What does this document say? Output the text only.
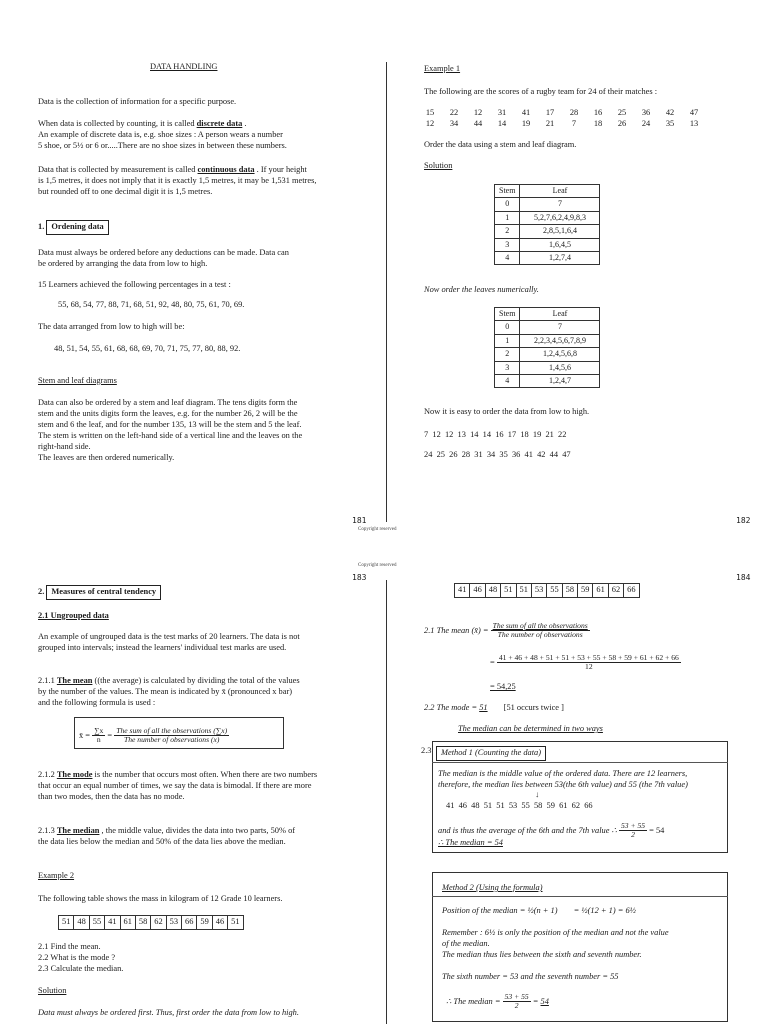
DATA HANDLING
Data is the collection of information for a specific purpose.
When data is collected by counting, it is called discrete data .
An example of discrete data is, e.g. shoe sizes : A person wears a number
5 shoe, or 5½ or 6 or.....There are no shoe sizes in between these numbers.
Data that is collected by measurement is called continuous data . If your height
is 1,5 metres, it does not imply that it is exactly 1,5 metres, it may be 1,531 metres,
but rounded off to one decimal digit it is 1,5 metres.
1. Ordening data
Data must always be ordered before any deductions can be made. Data can
be ordered by arranging the data from low to high.
15 Learners achieved the following percentages in a test :
55, 68, 54, 77, 88, 71, 68, 51, 92, 48, 80, 75, 61, 70, 69.
The data arranged from low to high will be:
48, 51, 54, 55, 61, 68, 68, 69, 70, 71, 75, 77, 80, 88, 92.
Stem and leaf diagrams
Data can also be ordered by a stem and leaf diagram. The tens digits form the
stem and the units digits form the leaves, e.g. for the number 26, 2 will be the
stem and 6 the leaf, and for the number 135, 13 will be the stem and 5 the leaf.
The stem is written on the left-hand side of a vertical line and the leaves on the
right-hand side.
The leaves are then ordered numerically.
181
Copyright reserved
Example 1
The following are the scores of a rugby team for 24 of their matches :
15 22 12 31 41 17 28 16 25 36 42 47
12 34 44 14 19 21 7 18 26 24 35 13
Order the data using a stem and leaf diagram.
Solution
Stem	Leaf
0	7
1	5,2,7,6,2,4,9,8,3
2	2,8,5,1,6,4
3	1,6,4,5
4	1,2,7,4
Now order the leaves numerically.
Stem	Leaf
0	7
1	2,2,3,4,5,6,7,8,9
2	1,2,4,5,6,8
3	1,4,5,6
4	1,2,4,7
Now it is easy to order the data from low to high.
7  12  12  13  14  14  16  17  18  19  21  22
24  25  26  28  31  34  35  36  41  42  44  47
182
Copyright reserved
183
2. Measures of central tendency
2.1 Ungrouped data
An example of ungrouped data is the test marks of 20 learners. The data is not
grouped into intervals; instead the learners' individual test marks are used.
2.1.1 The mean ((the average) is calculated by dividing the total of the values
by the number of the values. The mean is indicated by x̄ (pronounced x bar)
and the following formula is used :
x̄ = $\frac{\sum x}{n} = \frac{\text{The sum of all the observations (∑x)}}{\text{The number of observations (x)}}$
2.1.2 The mode is the number that occurs most often. When there are two numbers
that occur an equal number of times, we say the data is bimodal. If there are more
than two modes, then the data has no mode.
2.1.3 The median , the middle value, divides the data into two parts, 50% of
the data lies below the median and 50% of the data lies above the median.
Example 2
The following table shows the mass in kilogram of 12 Grade 10 learners.
51	48	55	41	61	58	62	53	66	59	46	51
2.1 Find the mean.
2.2 What is the mode ?
2.3 Calculate the median.
Solution
Data must always be ordered first. Thus, first order the data from low to high.
184
41	46	48	51	51	53	55	58	59	61	62	66
2.1 The mean (x̄) = $\frac{\text{The sum of all the observations}}{\text{The number of observations}}$
= $\frac{41 + 46 + 48 + 51 + 51 + 53 + 55 + 58 + 59 + 61 + 62 + 66}{12}$
= 54,25
2.2 The mode = 51 [51 occurs twice ]
The median can be determined in two ways
2.3	Method 1 (Counting the data)
The median is the middle value of the ordered data. There are 12 learners,
therefore, the median lies between 53(the 6th value) and 55 (the 7th value)
↓
41  46  48  51  51  53  55  58  59  61  62  66
and is thus the average of the 6th and the 7th value ∴ $\frac{53 + 55}{2} = 54$
∴ The median = 54
Method 2 (Using the formula)
Position of the median = ½(n + 1) = ½(12 + 1) = 6½
Remember : 6½ is only the position of the median and not the value
of the median.
The median thus lies between the sixth and seventh number.
The sixth number = 53 and the seventh number = 55
∴ The median = $\frac{53 + 55}{2} = 54$
